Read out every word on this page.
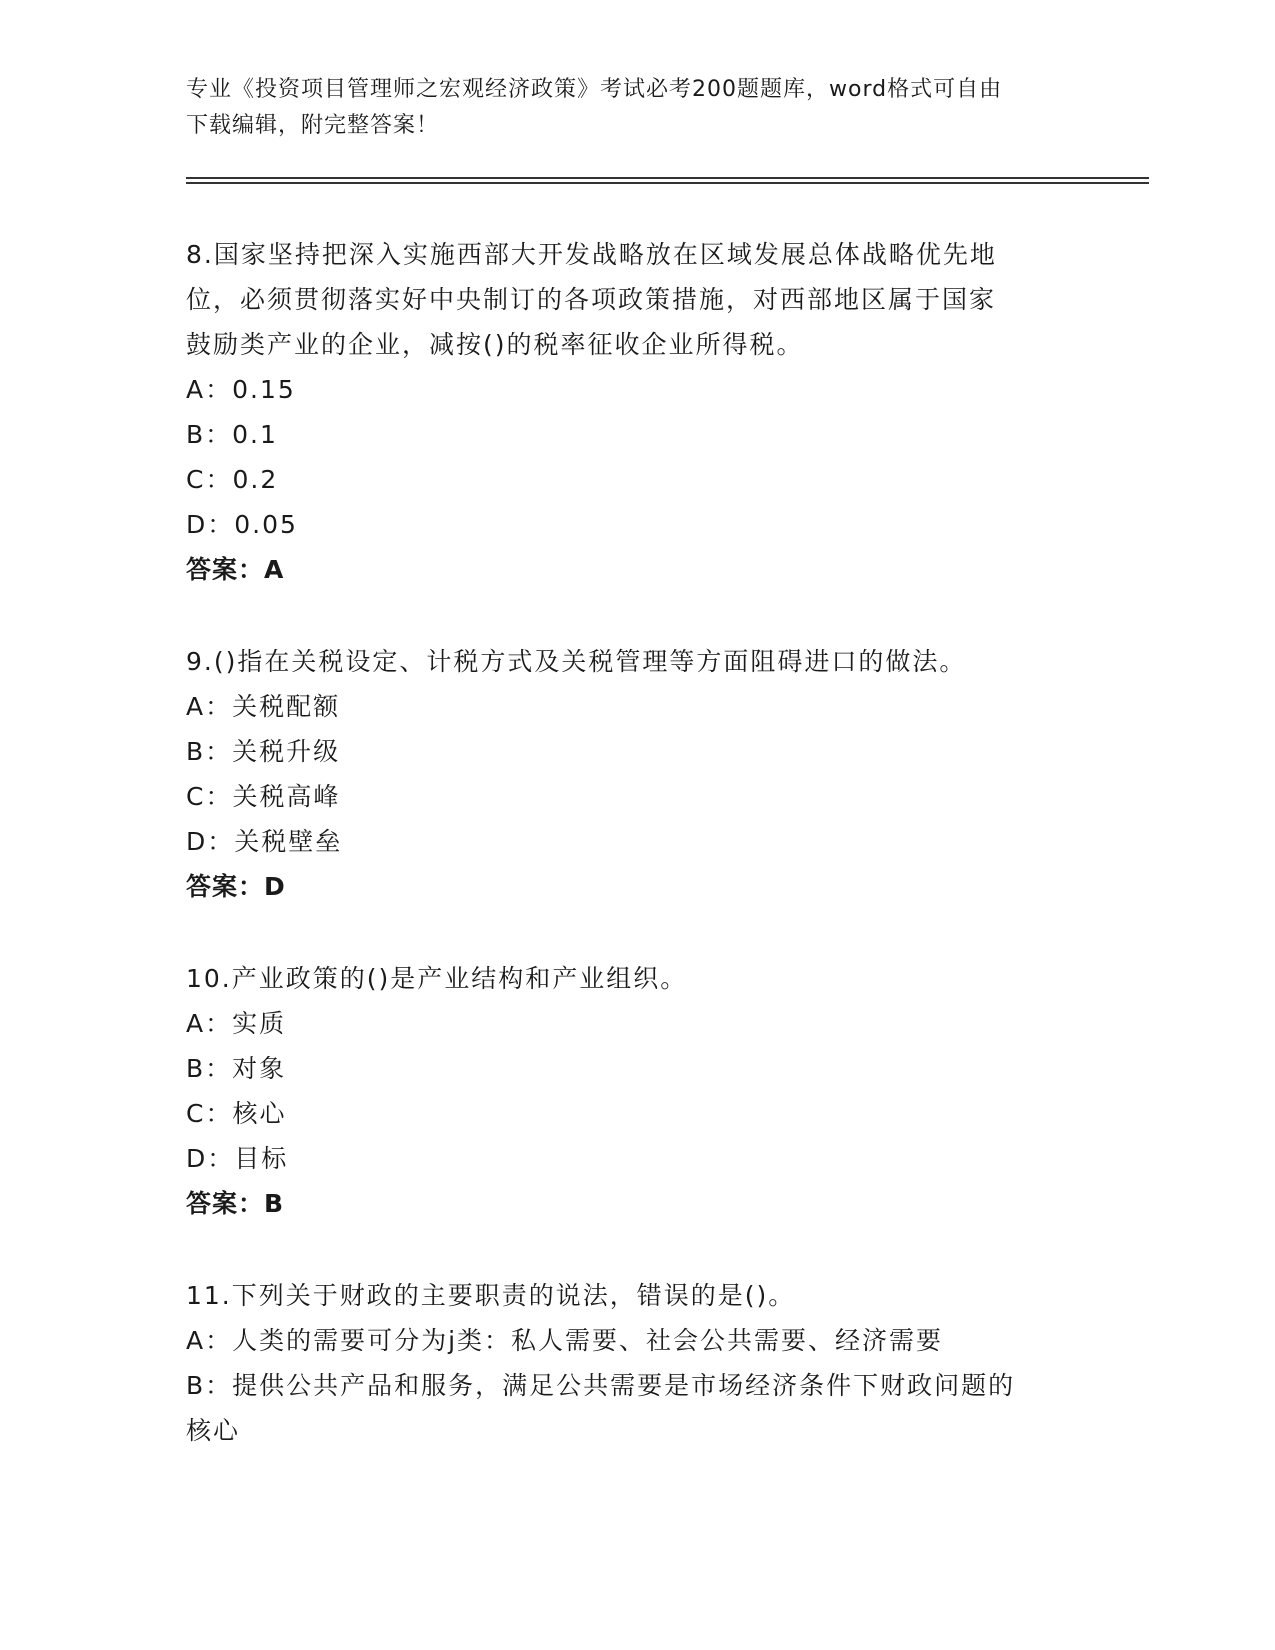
专业《投资项目管理师之宏观经济政策》考试必考200题题库，word格式可自由
下载编辑，附完整答案！
8.国家坚持把深入实施西部大开发战略放在区域发展总体战略优先地
位，必须贯彻落实好中央制订的各项政策措施，对西部地区属于国家
鼓励类产业的企业，减按()的税率征收企业所得税。
A：0.15
B：0.1
C：0.2
D：0.05
答案：A
9.()指在关税设定、计税方式及关税管理等方面阻碍进口的做法。
A：关税配额
B：关税升级
C：关税高峰
D：关税壁垒
答案：D
10.产业政策的()是产业结构和产业组织。
A：实质
B：对象
C：核心
D：目标
答案：B
11.下列关于财政的主要职责的说法，错误的是()。
A：人类的需要可分为j类：私人需要、社会公共需要、经济需要
B：提供公共产品和服务，满足公共需要是市场经济条件下财政问题的
核心
